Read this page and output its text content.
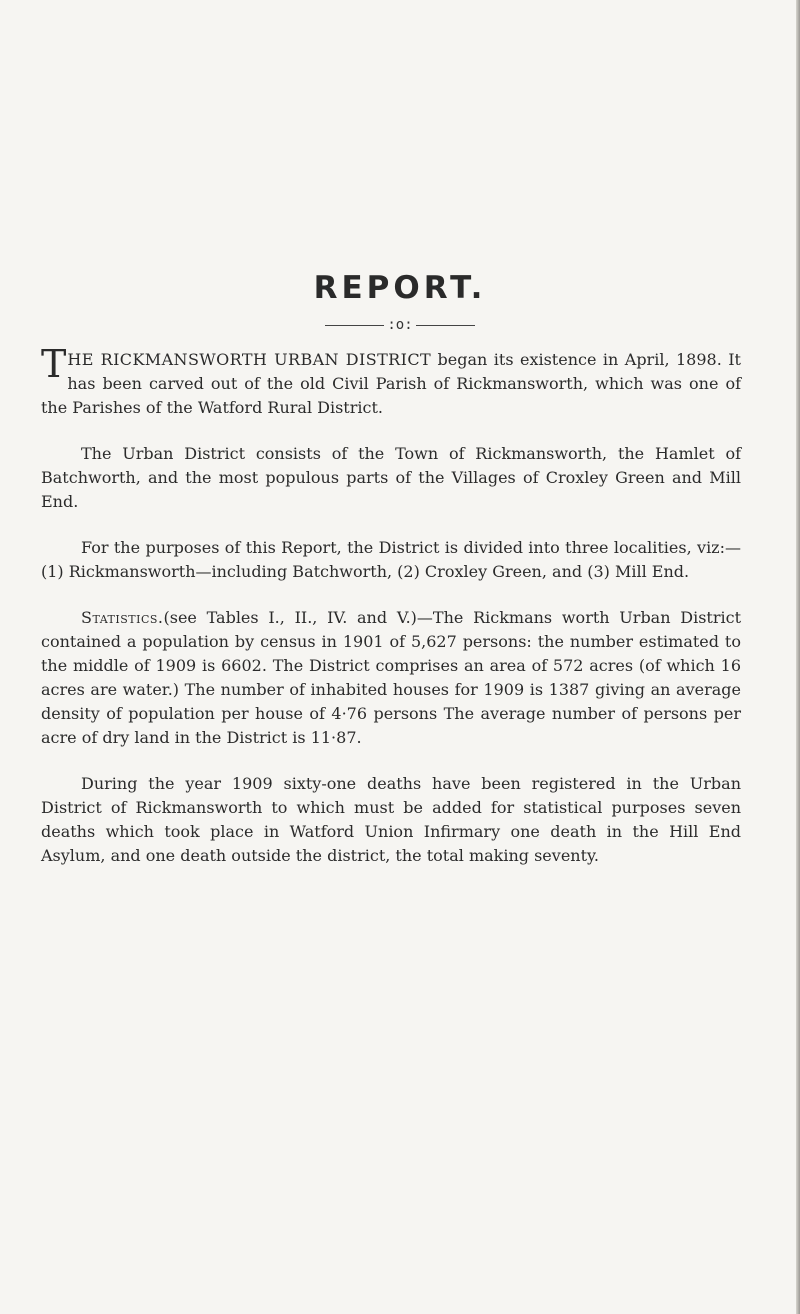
REPORT.
:o:

THE RICKMANSWORTH URBAN DISTRICT began its existence in April, 1898. It has been carved out of the old Civil Parish of Rickmansworth, which was one of the Parishes of the Watford Rural District.

The Urban District consists of the Town of Rickmansworth, the Hamlet of Batchworth, and the most populous parts of the Villages of Croxley Green and Mill End.

For the purposes of this Report, the District is divided into three localities, viz:—(1) Rickmansworth—including Batchworth, (2) Croxley Green, and (3) Mill End.

Statistics.(see Tables I., II., IV. and V.)—The Rickmans worth Urban District contained a population by census in 1901 of 5,627 persons: the number estimated to the middle of 1909 is 6602. The District comprises an area of 572 acres (of which 16 acres are water.) The number of inhabited houses for 1909 is 1387 giving an average density of population per house of 4·76 persons The average number of persons per acre of dry land in the District is 11·87.

During the year 1909 sixty-one deaths have been registered in the Urban District of Rickmansworth to which must be added for statistical purposes seven deaths which took place in Watford Union Infirmary one death in the Hill End Asylum, and one death outside the district, the total making seventy.
